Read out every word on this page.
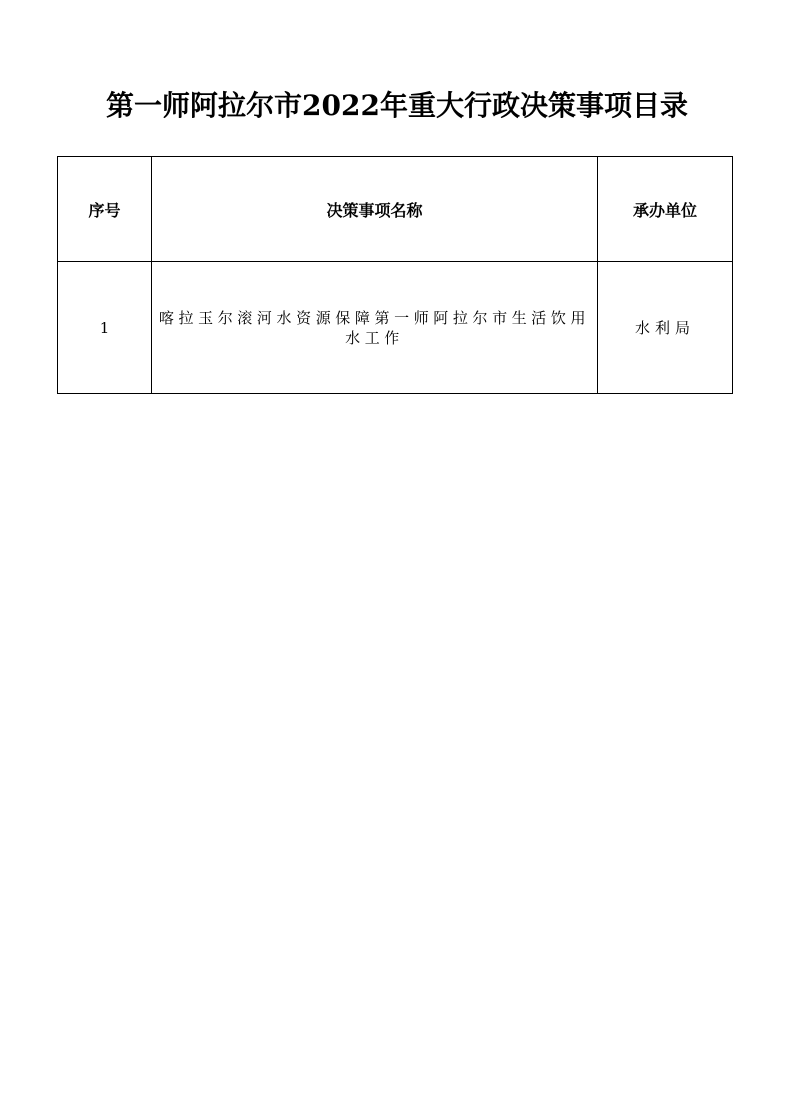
第一师阿拉尔市2022年重大行政决策事项目录
序号	决策事项名称	承办单位
1	喀拉玉尔滚河水资源保障第一师阿拉尔市生活饮用水工作	水利局
